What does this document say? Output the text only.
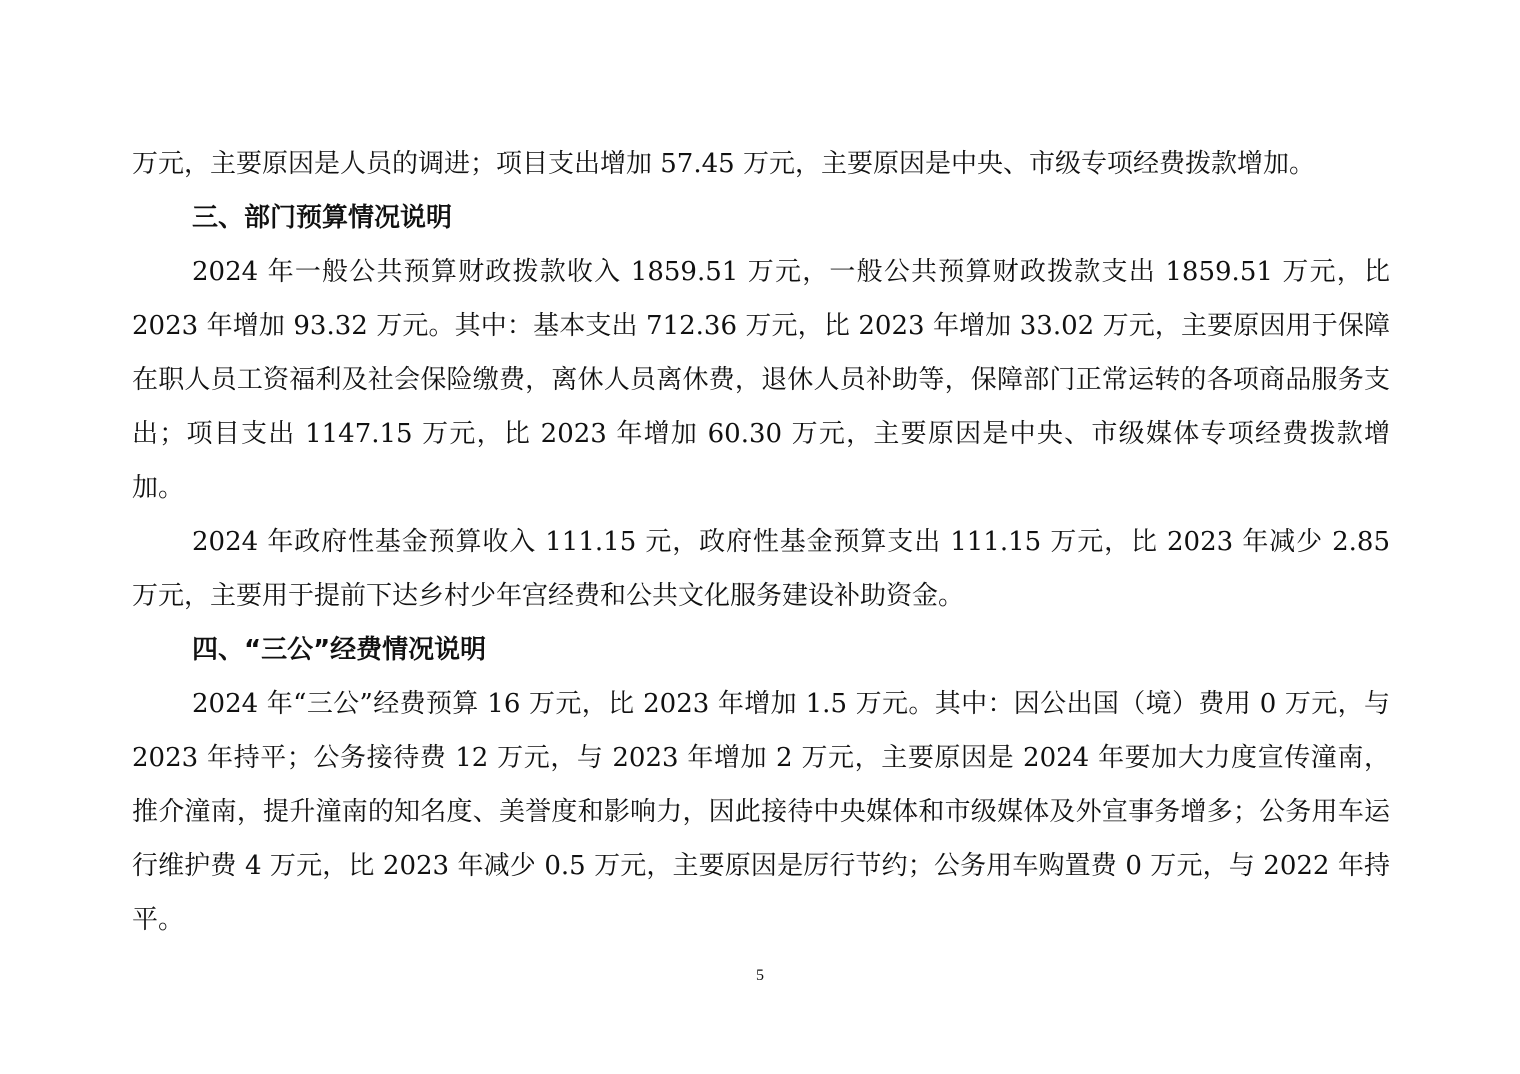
万元，主要原因是人员的调进；项目支出增加 57.45 万元，主要原因是中央、市级专项经费拨款增加。

三、部门预算情况说明

2024 年一般公共预算财政拨款收入 1859.51 万元，一般公共预算财政拨款支出 1859.51 万元，比 2023 年增加 93.32 万元。其中：基本支出 712.36 万元，比 2023 年增加 33.02 万元，主要原因用于保障在职人员工资福利及社会保险缴费，离休人员离休费，退休人员补助等，保障部门正常运转的各项商品服务支出；项目支出 1147.15 万元，比 2023 年增加 60.30 万元，主要原因是中央、市级媒体专项经费拨款增加。

2024 年政府性基金预算收入 111.15 元，政府性基金预算支出 111.15 万元，比 2023 年减少 2.85 万元，主要用于提前下达乡村少年宫经费和公共文化服务建设补助资金。

四、“三公”经费情况说明

2024 年“三公”经费预算 16 万元，比 2023 年增加 1.5 万元。其中：因公出国（境）费用 0 万元，与 2023 年持平；公务接待费 12 万元，与 2023 年增加 2 万元，主要原因是 2024 年要加大力度宣传潼南，推介潼南，提升潼南的知名度、美誉度和影响力，因此接待中央媒体和市级媒体及外宣事务增多；公务用车运行维护费 4 万元，比 2023 年减少 0.5 万元，主要原因是厉行节约；公务用车购置费 0 万元，与 2022 年持平。

5
